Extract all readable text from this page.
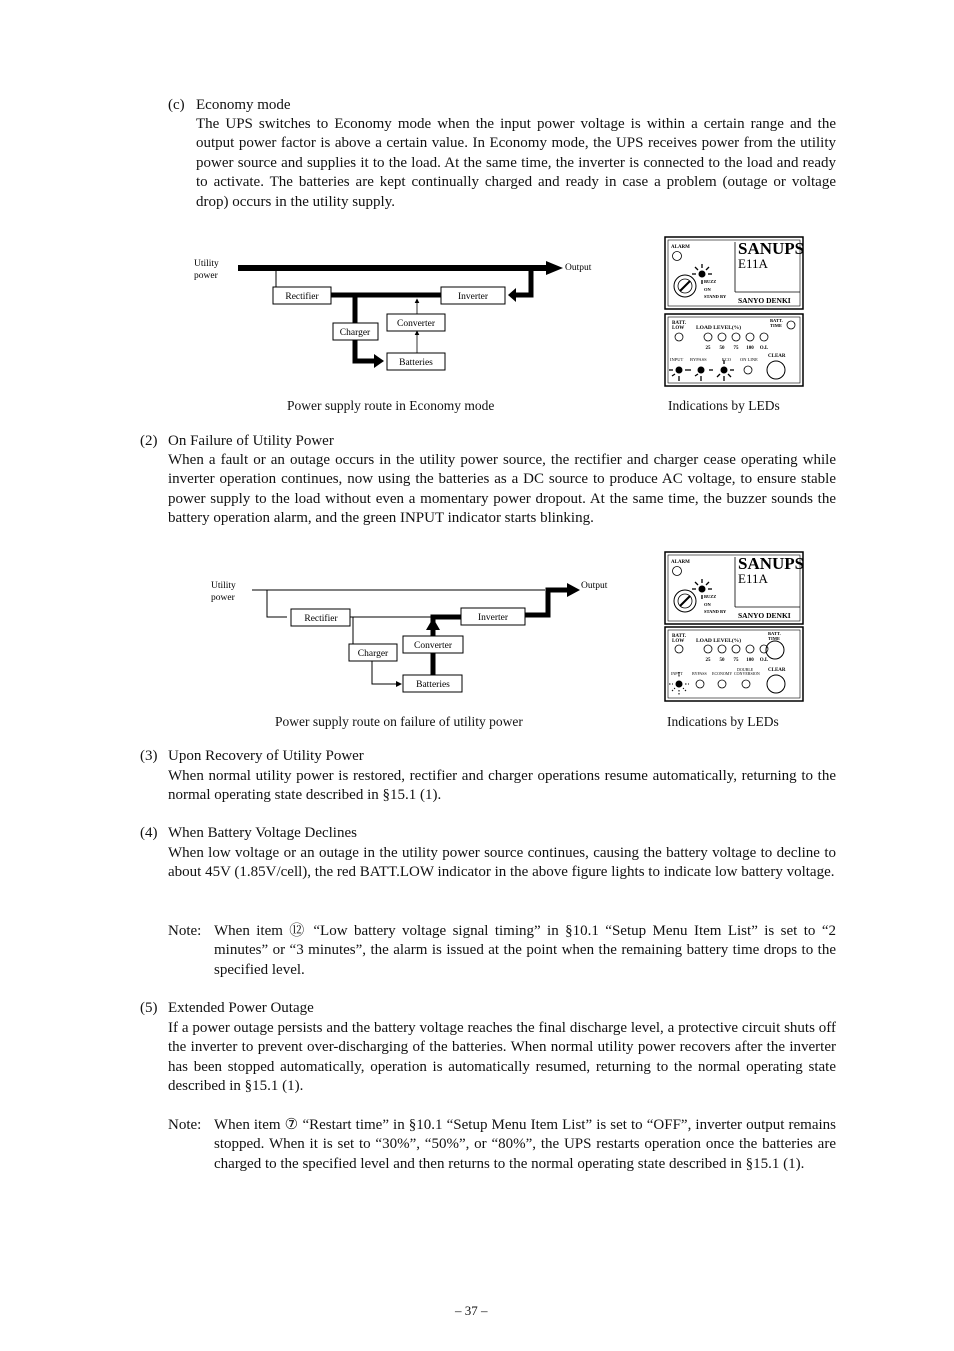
(c) Economy mode
The UPS switches to Economy mode when the input power voltage is within a certain range and the output power factor is above a certain value. In Economy mode, the UPS receives power from the utility power source and supplies it to the load. At the same time, the inverter is connected to the load and ready to activate. The batteries are kept continually charged and ready in case a problem (outage or voltage drop) occurs in the utility supply.
Utility
power
Output
Rectifier	Inverter
Charger
Converter
Batteries
Power supply route in Economy mode
ALARM	SANUPS
E11A
SANYO DENKI
BUZZ
ON
STAND BY
BATT.
LOW LOAD LEVEL(%)
BATT.
TIME
25 50 75 100 O.L
CLEAR
INPUT BYPASS	ECO ON LINE
Indications by LEDs
(2) On Failure of Utility Power
When a fault or an outage occurs in the utility power source, the rectifier and charger cease operating while inverter operation continues, now using the batteries as a DC source to produce AC voltage, to ensure stable power supply to the load without even a momentary power dropout. At the same time, the buzzer sounds the battery operation alarm, and the green INPUT indicator starts blinking.
Utility
power
Output
Rectifier	Inverter
Charger
Converter
Batteries
Power supply route on failure of utility power
ALARM	SANUPS
E11A
SANYO DENKI
BUZZ
ON
STAND BY
BATT.
LOW LOAD LEVEL(%)
BATT.
TIME
25 50 75 100 O.L
CLEAR
INPUT BYPASS ECONOMY
DOUBLE
CONVERSION
Indications by LEDs
(3) Upon Recovery of Utility Power
When normal utility power is restored, rectifier and charger operations resume automatically, returning to the normal operating state described in §15.1 (1).
(4) When Battery Voltage Declines
When low voltage or an outage in the utility power source continues, causing the battery voltage to decline to about 45V (1.85V/cell), the red BATT.LOW indicator in the above figure lights to indicate low battery voltage.
Note: When item ⑫ “Low battery voltage signal timing” in §10.1 “Setup Menu Item List” is set to “2 minutes” or “3 minutes”, the alarm is issued at the point when the remaining battery time drops to the specified level.
(5) Extended Power Outage
If a power outage persists and the battery voltage reaches the final discharge level, a protective circuit shuts off the inverter to prevent over-discharging of the batteries. When normal utility power recovers after the inverter has been stopped automatically, operation is automatically resumed, returning to the normal operating state described in §15.1 (1).
Note: When item ⑦ “Restart time” in §10.1 “Setup Menu Item List” is set to “OFF”, inverter output remains stopped. When it is set to “30%”, “50%”, or “80%”, the UPS restarts operation once the batteries are charged to the specified level and then returns to the normal operating state described in §15.1 (1).
– 37 –
